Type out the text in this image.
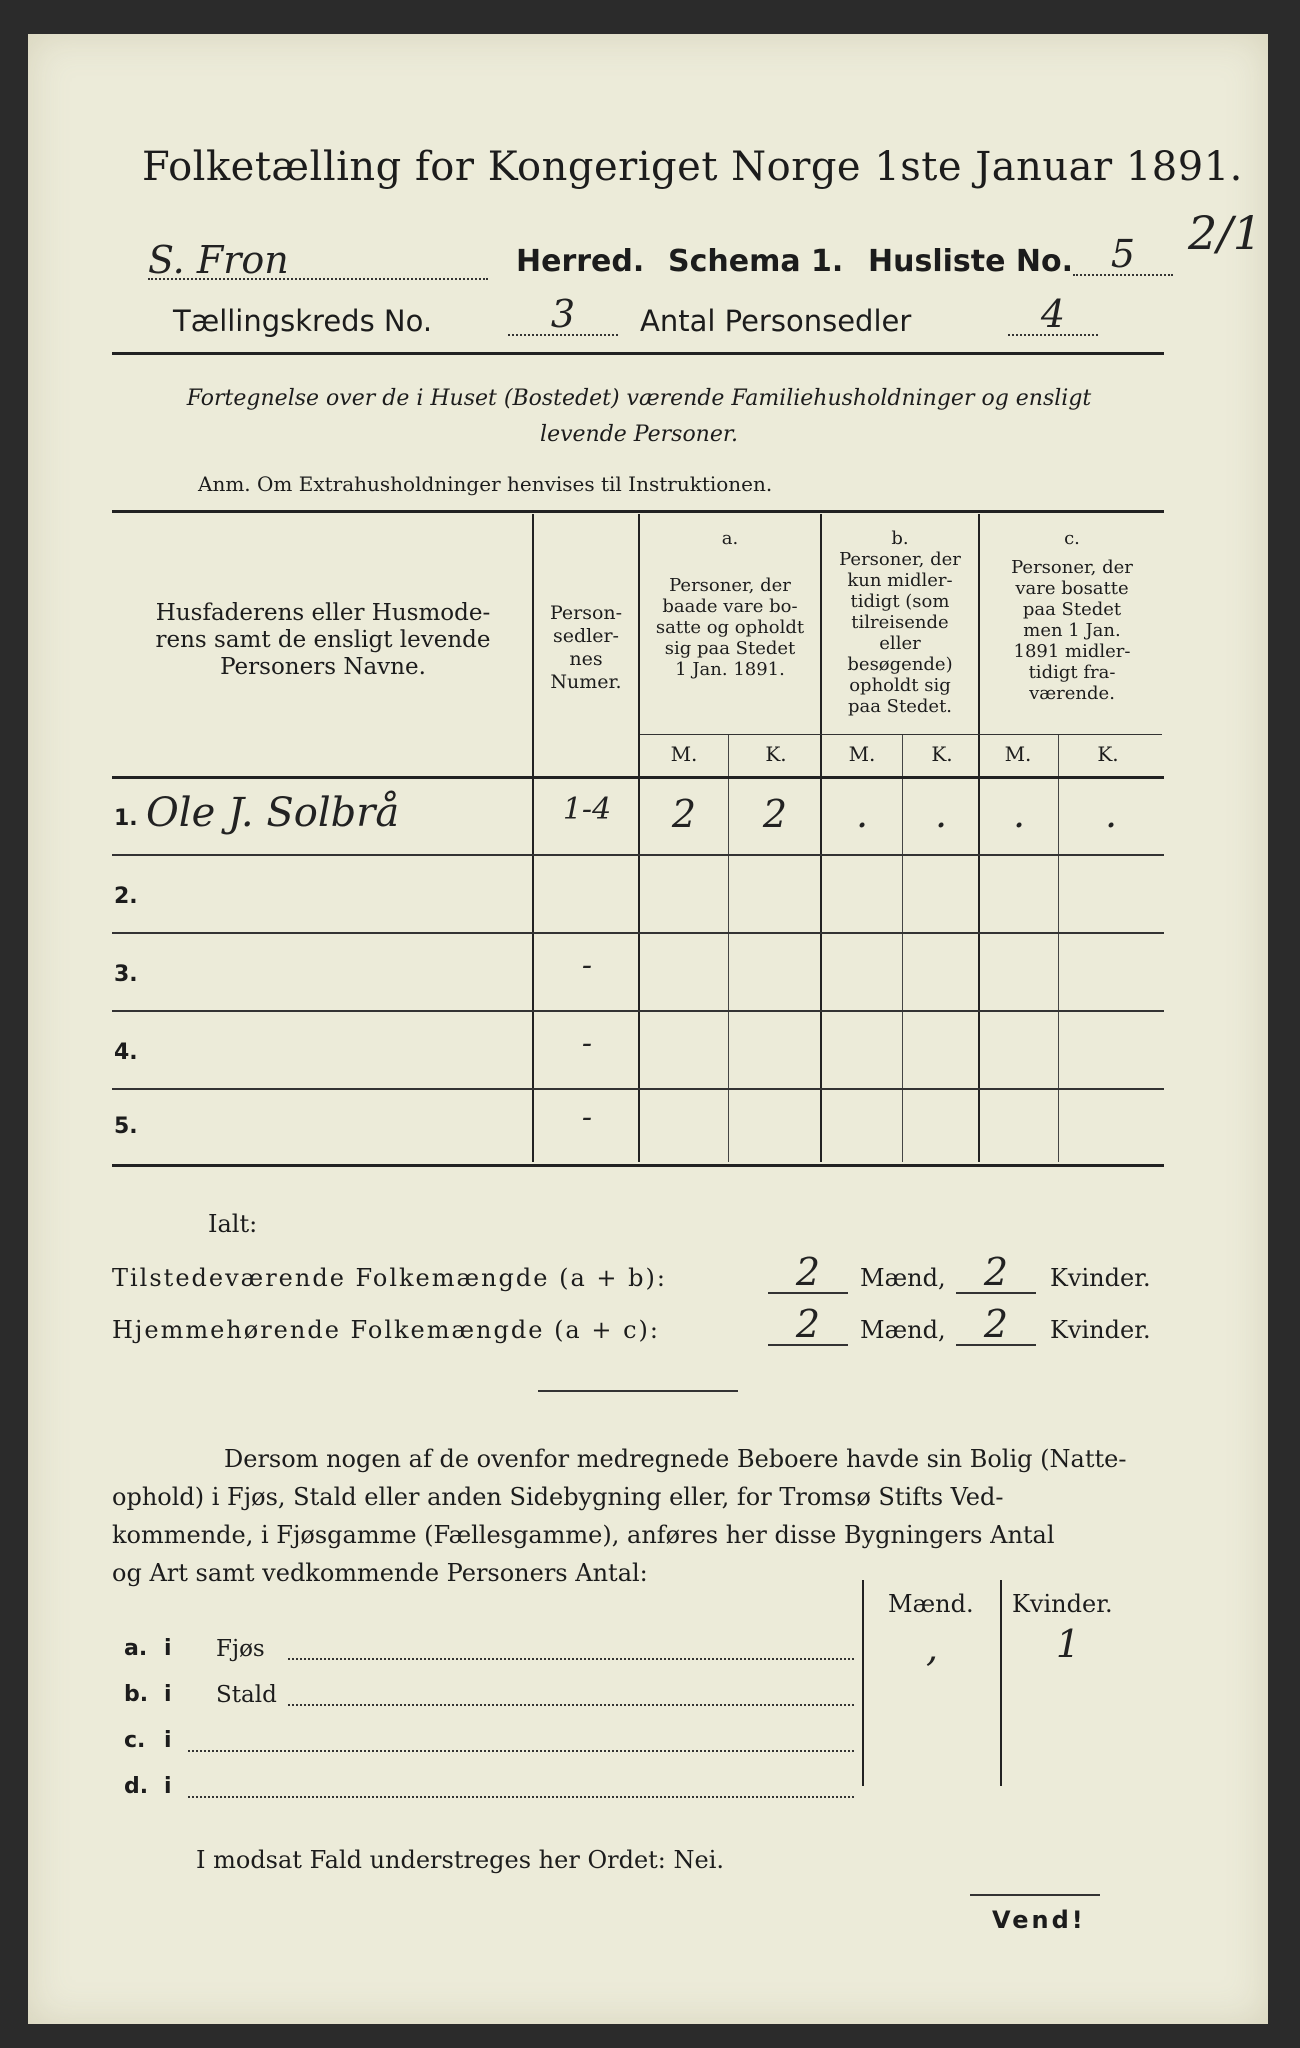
Folketælling for Kongeriget Norge 1ste Januar 1891.
S. Fron	Herred. Schema 1. Husliste No. 5	2/1
Tællingskreds No.	3	Antal Personsedler	4
Fortegnelse over de i Huset (Bostedet) værende Familiehusholdninger og ensligt
levende Personer.
Anm. Om Extrahusholdninger henvises til Instruktionen.
Husfaderens eller Husmode-
rens samt de ensligt levende
Personers Navne.
Person-
sedler-
nes
Numer.
a.
Personer, der
baade vare bo-
satte og opholdt
sig paa Stedet
1 Jan. 1891.
b.
Personer, der
kun midler-
tidigt (som
tilreisende
eller
besøgende)
opholdt sig
paa Stedet.
c.
Personer, der
vare bosatte
paa Stedet
men 1 Jan.
1891 midler-
tidigt fra-
værende.
M.	K.	M.	K.	M.	K.
1. Ole J. Solbrå	1-4	2	2	.	.	.	.
2.
3.	-
4.	-
5.	-
Ialt:
Tilstedeværende Folkemængde (a + b):	2	Mænd,	2	Kvinder.
Hjemmehørende Folkemængde (a + c):	2	Mænd,	2	Kvinder.
Dersom nogen af de ovenfor medregnede Beboere havde sin Bolig (Natte-
ophold) i Fjøs, Stald eller anden Sidebygning eller, for Tromsø Stifts Ved-
kommende, i Fjøsgamme (Fællesgamme), anføres her disse Bygningers Antal
og Art samt vedkommende Personers Antal:
Mænd. Kvinder.
a. i Fjøs	,	1
b. i Stald
c. i
d. i
I modsat Fald understreges her Ordet: Nei.
Vend!
